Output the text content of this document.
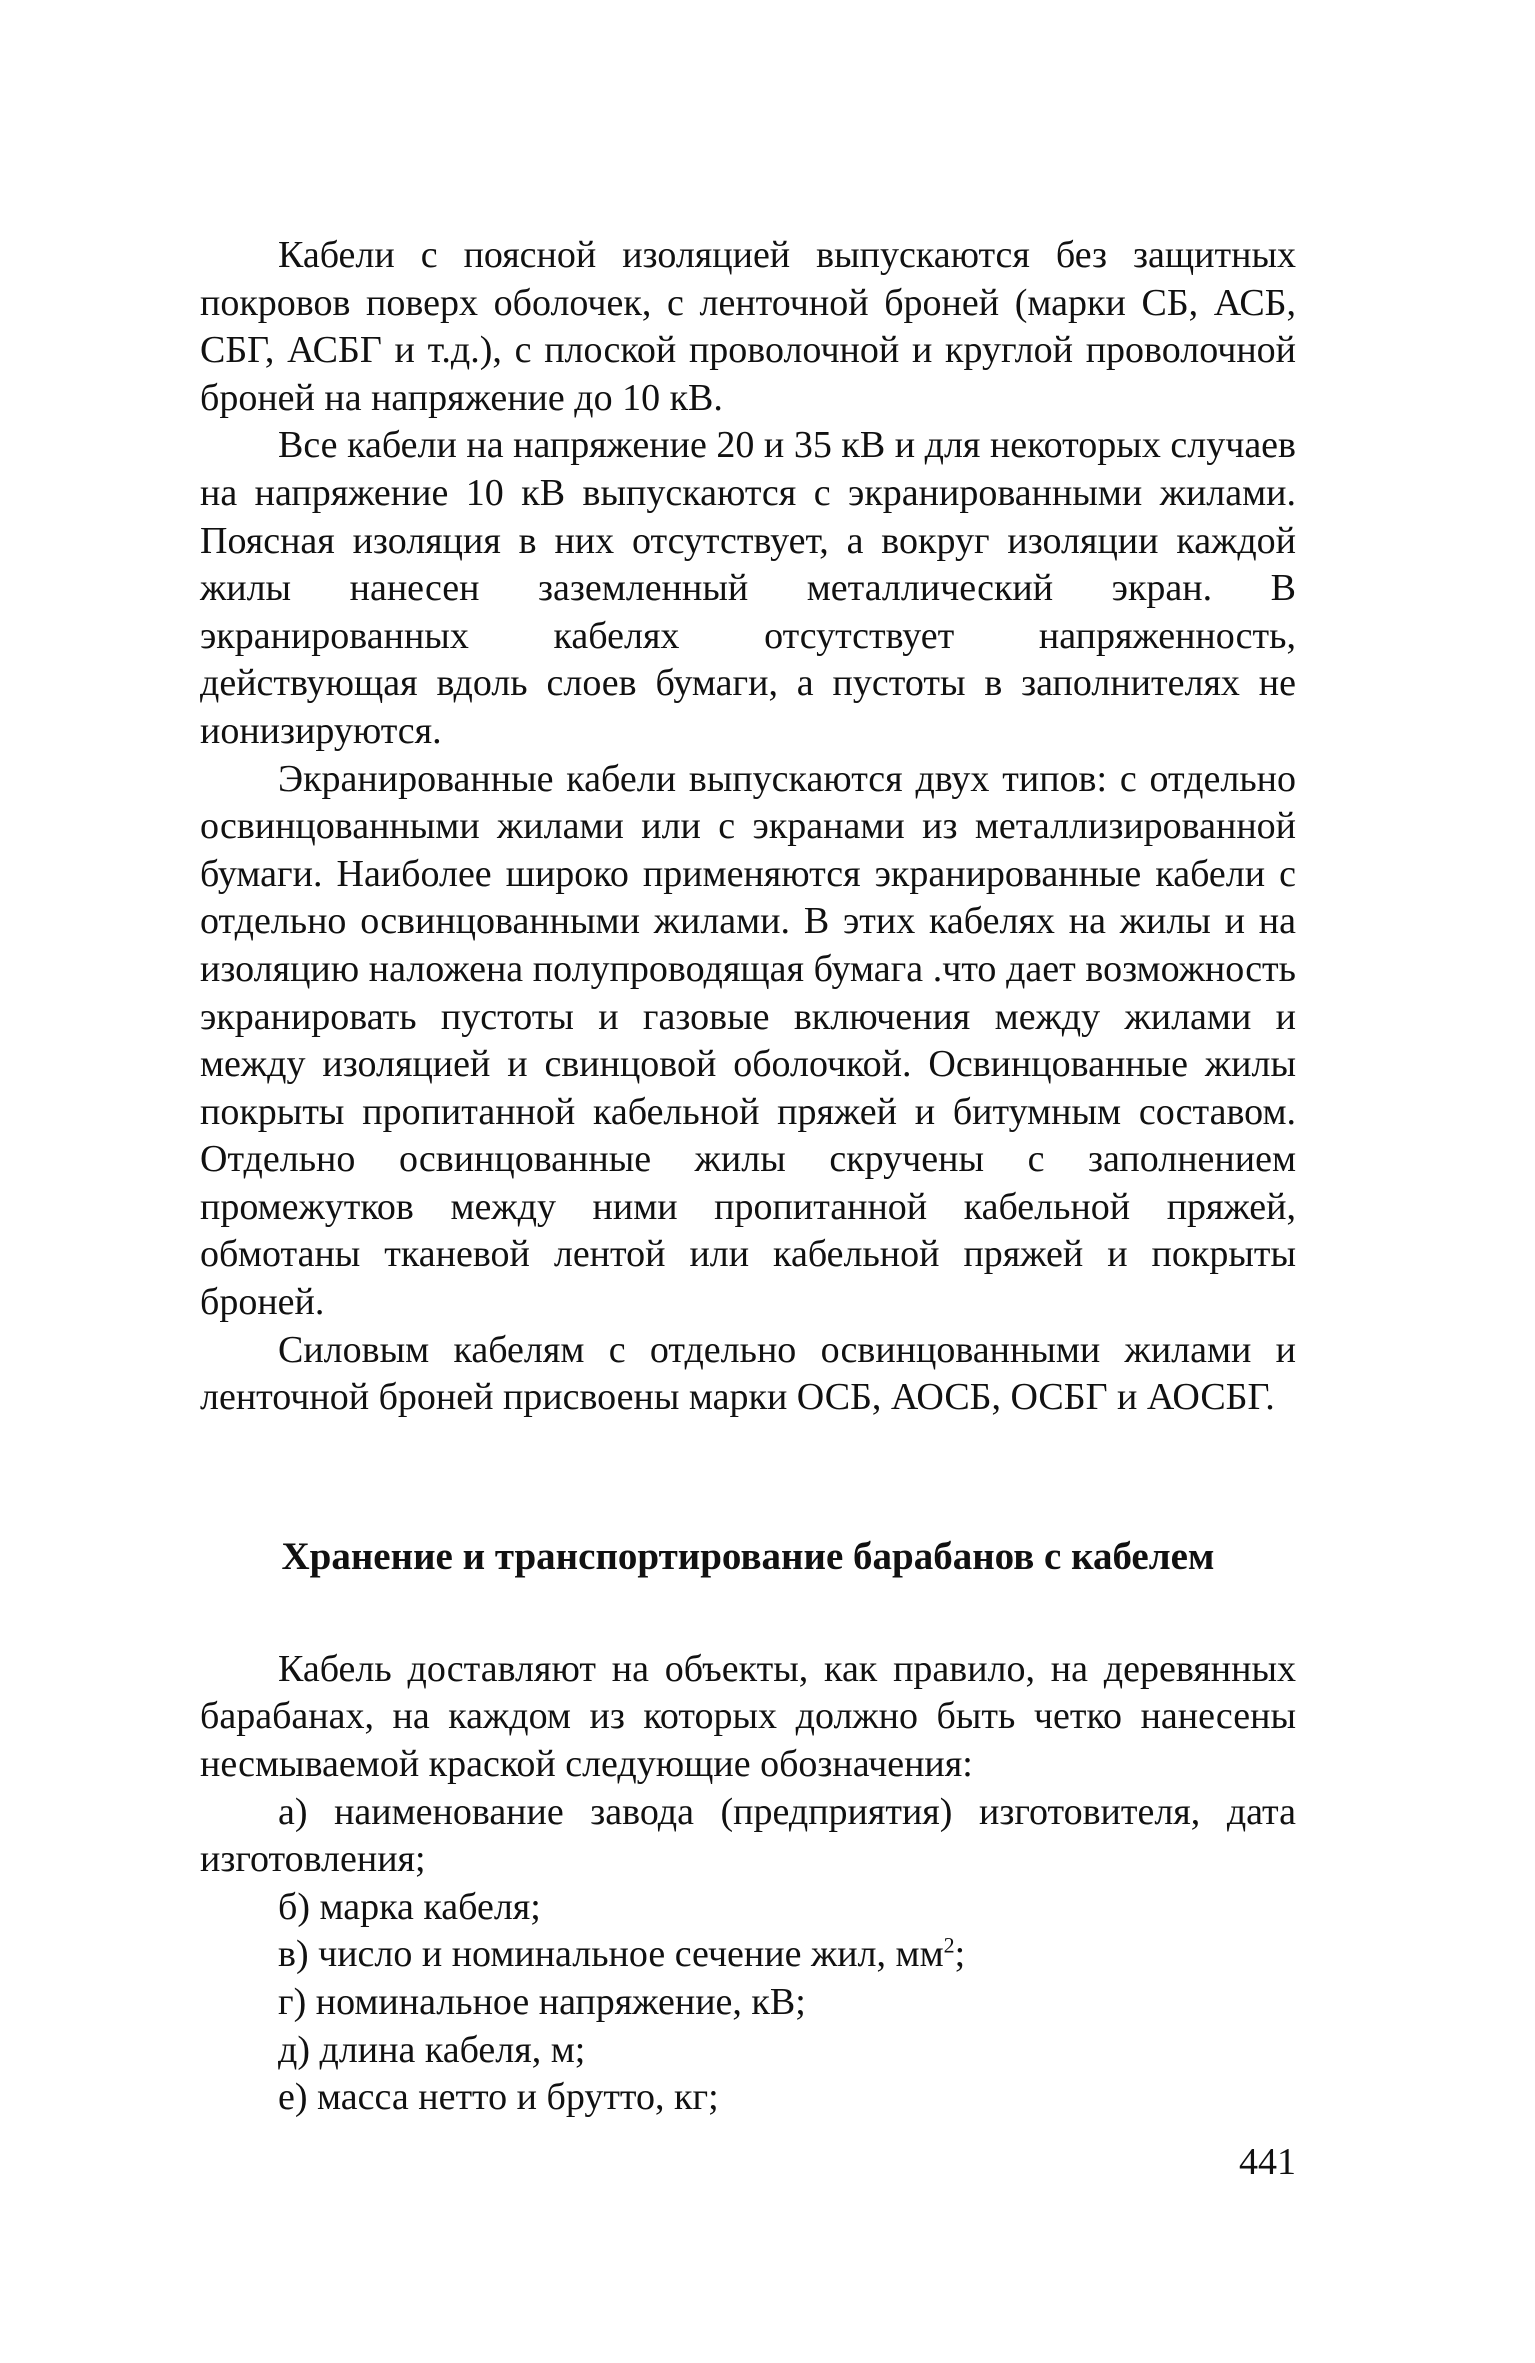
Кабели с поясной изоляцией выпускаются без защитных покровов поверх оболочек, с ленточной броней (марки СБ, АСБ, СБГ, АСБГ и т.д.), с плоской проволочной и круглой проволочной броней на напряжение до 10 кВ.

Все кабели на напряжение 20 и 35 кВ и для некоторых случаев на напряжение 10 кВ выпускаются с экранированными жилами. Поясная изоляция в них отсутствует, а вокруг изоляции каждой жилы нанесен заземленный металлический экран. В экранированных кабелях отсутствует напряженность, действующая вдоль слоев бумаги, а пустоты в заполнителях не ионизируются.

Экранированные кабели выпускаются двух типов: с отдельно освинцованными жилами или с экранами из металлизированной бумаги. Наиболее широко применяются экранированные кабели с отдельно освинцованными жилами. В этих кабелях на жилы и на изоляцию наложена полупроводящая бумага .что дает возможность экранировать пустоты и газовые включения между жилами и между изоляцией и свинцовой оболочкой. Освинцованные жилы покрыты пропитанной кабельной пряжей и битумным составом. Отдельно освинцованные жилы скручены с заполнением промежутков между ними пропитанной кабельной пряжей, обмотаны тканевой лентой или кабельной пряжей и покрыты броней.

Силовым кабелям с отдельно освинцованными жилами и ленточной броней присвоены марки ОСБ, АОСБ, ОСБГ и АОСБГ.

Хранение и транспортирование барабанов с кабелем

Кабель доставляют на объекты, как правило, на деревянных барабанах, на каждом из которых должно быть четко нанесены несмываемой краской следующие обозначения:

а) наименование завода (предприятия) изготовителя, дата изготовления;
б) марка кабеля;
в) число и номинальное сечение жил, $мм^2$;
г) номинальное напряжение, кВ;
д) длина кабеля, м;
е) масса нетто и брутто, кг;
441
